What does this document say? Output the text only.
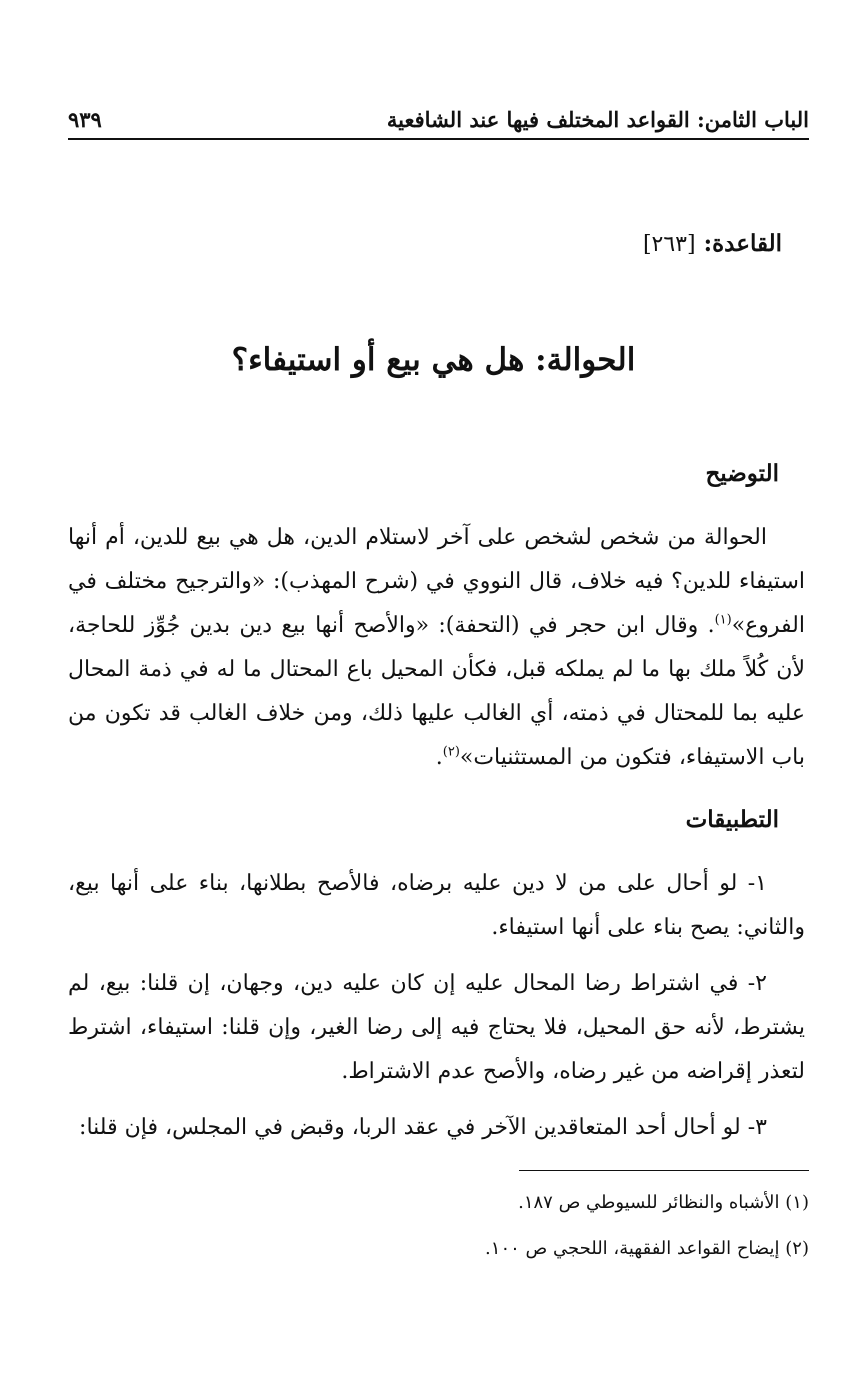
الباب الثامن: القواعد المختلف فيها عند الشافعية
٩٣٩
القاعدة: [٢٦٣]
الحوالة: هل هي بيع أو استيفاء؟
التوضيح
الحوالة من شخص لشخص على آخر لاستلام الدين، هل هي بيع للدين، أم أنها استيفاء للدين؟ فيه خلاف، قال النووي في (شرح المهذب): «والترجيح مختلف في الفروع»$^{(١)}$. وقال ابن حجر في (التحفة): «والأصح أنها بيع دين بدين جُوِّز للحاجة، لأن كُلاً ملك بها ما لم يملكه قبل، فكأن المحيل باع المحتال ما له في ذمة المحال عليه بما للمحتال في ذمته، أي الغالب عليها ذلك، ومن خلاف الغالب قد تكون من باب الاستيفاء، فتكون من المستثنيات»$^{(٢)}$.
التطبيقات
١- لو أحال على من لا دين عليه برضاه، فالأصح بطلانها، بناء على أنها بيع، والثاني: يصح بناء على أنها استيفاء.
٢- في اشتراط رضا المحال عليه إن كان عليه دين، وجهان، إن قلنا: بيع، لم يشترط، لأنه حق المحيل، فلا يحتاج فيه إلى رضا الغير، وإن قلنا: استيفاء، اشترط لتعذر إقراضه من غير رضاه، والأصح عدم الاشتراط.
٣- لو أحال أحد المتعاقدين الآخر في عقد الربا، وقبض في المجلس، فإن قلنا:
(١) الأشباه والنظائر للسيوطي ص ١٨٧.
(٢) إيضاح القواعد الفقهية، اللحجي ص ١٠٠.
